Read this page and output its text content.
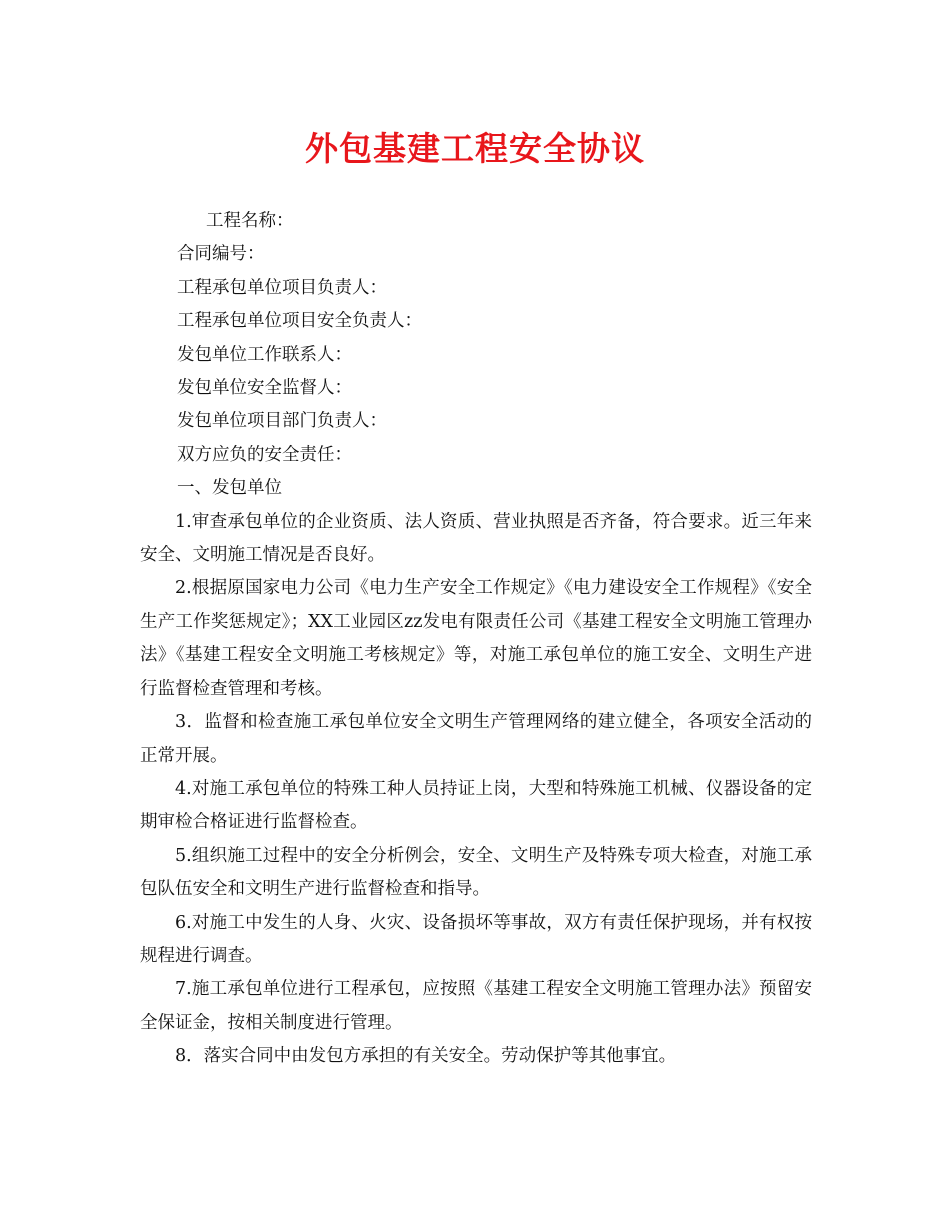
外包基建工程安全协议

工程名称：

合同编号：

工程承包单位项目负责人：

工程承包单位项目安全负责人：

发包单位工作联系人：

发包单位安全监督人：

发包单位项目部门负责人：

双方应负的安全责任：

一、发包单位

1.审查承包单位的企业资质、法人资质、营业执照是否齐备，符合要求。近三年来安全、文明施工情况是否良好。

2.根据原国家电力公司《电力生产安全工作规定》《电力建设安全工作规程》《安全生产工作奖惩规定》；XX工业园区zz发电有限责任公司《基建工程安全文明施工管理办法》《基建工程安全文明施工考核规定》等，对施工承包单位的施工安全、文明生产进行监督检查管理和考核。

3．监督和检查施工承包单位安全文明生产管理网络的建立健全，各项安全活动的正常开展。

4.对施工承包单位的特殊工种人员持证上岗，大型和特殊施工机械、仪器设备的定期审检合格证进行监督检查。

5.组织施工过程中的安全分析例会，安全、文明生产及特殊专项大检查，对施工承包队伍安全和文明生产进行监督检查和指导。

6.对施工中发生的人身、火灾、设备损坏等事故，双方有责任保护现场，并有权按规程进行调查。

7.施工承包单位进行工程承包，应按照《基建工程安全文明施工管理办法》预留安全保证金，按相关制度进行管理。

8．落实合同中由发包方承担的有关安全。劳动保护等其他事宜。
